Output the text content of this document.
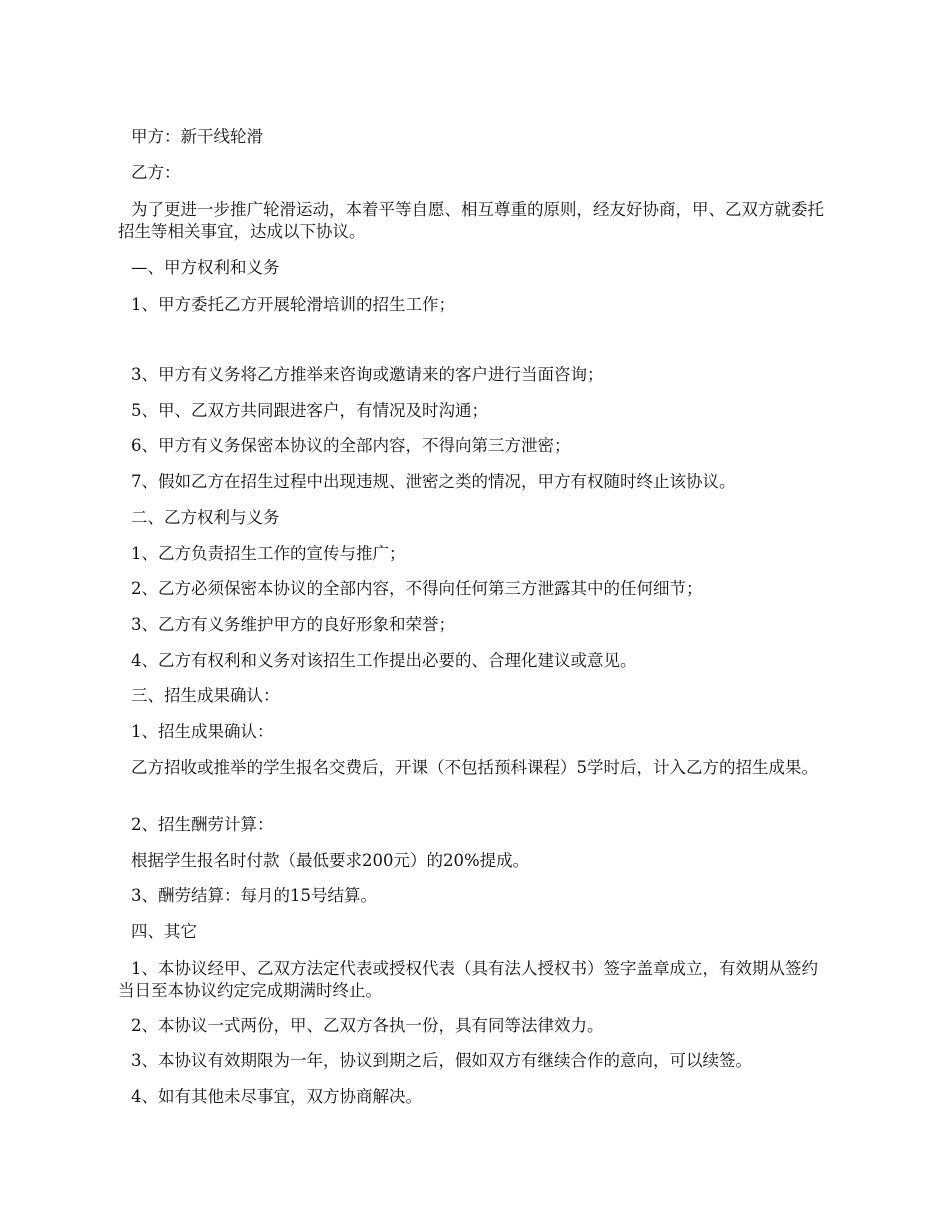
甲方：新干线轮滑

乙方：

为了更进一步推广轮滑运动，本着平等自愿、相互尊重的原则，经友好协商，甲、乙双方就委托招生等相关事宜，达成以下协议。

—、甲方权利和义务

1、甲方委托乙方开展轮滑培训的招生工作；

3、甲方有义务将乙方推举来咨询或邀请来的客户进行当面咨询；

5、甲、乙双方共同跟进客户，有情况及时沟通；

6、甲方有义务保密本协议的全部内容，不得向第三方泄密；

7、假如乙方在招生过程中出现违规、泄密之类的情况，甲方有权随时终止该协议。

二、乙方权利与义务

1、乙方负责招生工作的宣传与推广；

2、乙方必须保密本协议的全部内容，不得向任何第三方泄露其中的任何细节；

3、乙方有义务维护甲方的良好形象和荣誉；

4、乙方有权利和义务对该招生工作提出必要的、合理化建议或意见。

三、招生成果确认：

1、招生成果确认：

乙方招收或推举的学生报名交费后，开课（不包括预科课程）5学时后，计入乙方的招生成果。

2、招生酬劳计算：

根据学生报名时付款（最低要求200元）的20%提成。

3、酬劳结算：每月的15号结算。

四、其它

1、本协议经甲、乙双方法定代表或授权代表（具有法人授权书）签字盖章成立，有效期从签约当日至本协议约定完成期满时终止。

2、本协议一式两份，甲、乙双方各执一份，具有同等法律效力。

3、本协议有效期限为一年，协议到期之后，假如双方有继续合作的意向，可以续签。

4、如有其他未尽事宜，双方协商解决。
